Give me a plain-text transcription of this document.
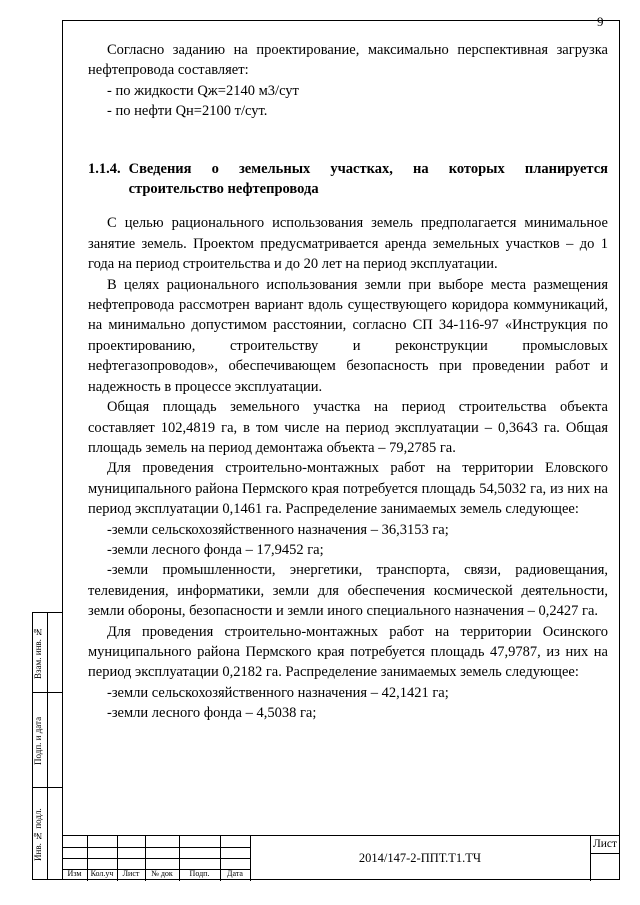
9

Согласно заданию на проектирование, максимально перспективная загрузка нефтепровода составляет:

- по жидкости Qж=2140 м3/сут

- по нефти Qн=2100 т/сут.

1.1.4. Сведения о земельных участках, на которых планируется
строительство нефтепровода

С целью рационального использования земель предполагается минимальное занятие земель. Проектом предусматривается аренда земельных участков – до 1 года на период строительства и до 20 лет на период эксплуатации.

В целях рационального использования земли при выборе места размещения нефтепровода рассмотрен вариант вдоль существующего коридора коммуникаций, на минимально допустимом расстоянии, согласно СП 34-116-97 «Инструкция по проектированию, строительству и реконструкции промысловых нефтегазопроводов», обеспечивающем безопасность при проведении работ и надежность в процессе эксплуатации.

Общая площадь земельного участка на период строительства объекта составляет 102,4819 га, в том числе на период эксплуатации – 0,3643 га. Общая площадь земель на период демонтажа объекта – 79,2785 га.

Для проведения строительно-монтажных работ на территории Еловского муниципального района Пермского края потребуется площадь 54,5032 га, из них на период эксплуатации 0,1461 га. Распределение занимаемых земель следующее:

-земли сельскохозяйственного назначения – 36,3153 га;

-земли лесного фонда – 17,9452 га;

-земли промышленности, энергетики, транспорта, связи, радиовещания, телевидения, информатики, земли для обеспечения космической деятельности, земли обороны, безопасности и земли иного специального назначения – 0,2427 га.

Для проведения строительно-монтажных работ на территории Осинского муниципального района Пермского края потребуется площадь 47,9787, из них на период эксплуатации 0,2182 га. Распределение занимаемых земель следующее:

-земли сельскохозяйственного назначения – 42,1421 га;

-земли лесного фонда – 4,5038 га;

Взам. инв. №
Подп. и дата
Инв. № подл.
Изм	Кол.уч	Лист	№ док	Подп.	Дата
2014/147-2-ППТ.Т1.ТЧ
Лист
